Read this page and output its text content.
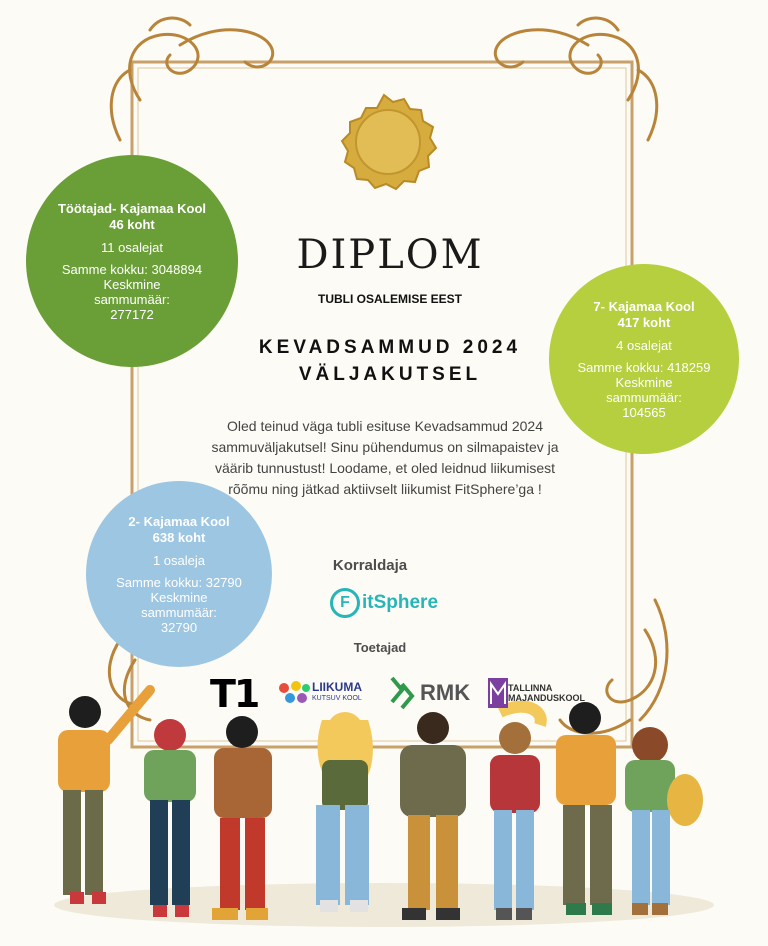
Töötajad- Kajamaa Kool
46 koht
11 osalejat
Samme kokku: 3048894
Keskmine sammumäär:
277172
7- Kajamaa Kool
417 koht
4 osalejat
Samme kokku: 418259
Keskmine sammumäär:
104565
2- Kajamaa Kool
638 koht
1 osaleja
Samme kokku: 32790
Keskmine sammumäär:
32790
DIPLOM
TUBLI OSALEMISE EEST
KEVADSAMMUD 2024
VÄLJAKUTSEL
Oled teinud väga tubli esituse Kevadsammud 2024 sammuväljakutsel! Sinu pühendumus on silmapaistev ja väärib tunnustust! Loodame, et oled leidnud liikumisest rõõmu ning jätkad aktiivselt liikumist FitSphere’ga !
Korraldaja
F itSphere
Toetajad
T1	LIIKUMA
KUTSUV KOOL	RMK	TALLINNA
MAJANDUSKOOL
